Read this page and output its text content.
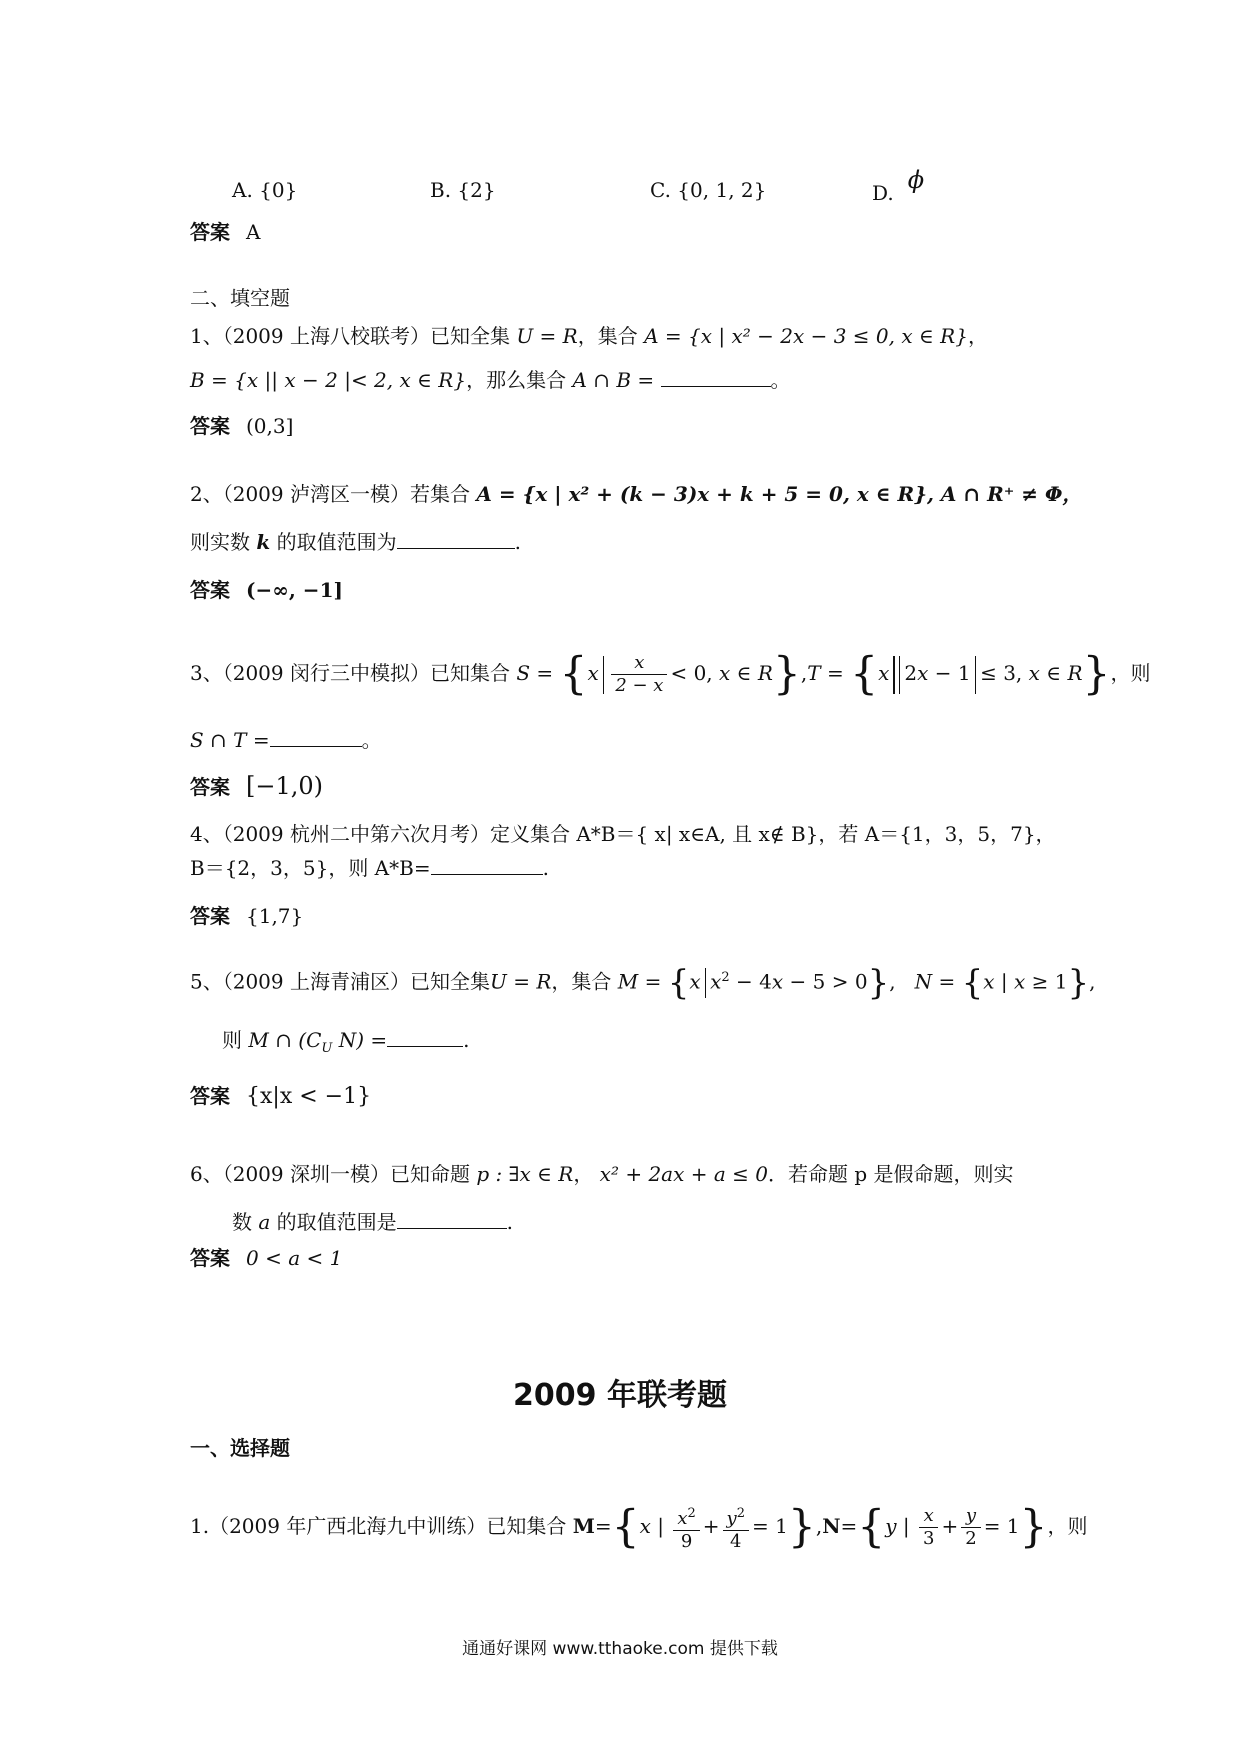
A. {0}	B. {2}	C. {0, 1, 2}	D. ϕ
答案 A
二、填空题
1、（2009 上海八校联考）已知全集 U = R，集合 A = {x | x² − 2x − 3 ≤ 0, x ∈ R}，
B = {x || x − 2 |< 2, x ∈ R}，那么集合 A ∩ B =	。
答案 (0,3]
2、（2009 泸湾区一模）若集合 A = {x | x² + (k − 3)x + k + 5 = 0, x ∈ R}, A ∩ R⁺ ≠ Φ，
则实数 k 的取值范围为	.
答案 (−∞, −1]
3、（2009 闵行三中模拟）已知集合 $S = \{x \frac{x}{2 - x} < 0$, x ∈ R},T = {x 2x − 1 ≤ 3, x ∈ R}，则
S ∩ T =	。
答案 [−1,0)
4、（2009 杭州二中第六次月考）定义集合 A*B＝{ x| x∈A, 且 x∉ B}，若 A＝{1，3，5，7}，
B＝{2，3，5}，则 A*B=	.
答案 {1,7}
5、（2009 上海青浦区）已知全集U = R，集合 M = {x $x^2 - 4x - 5 > 0$},   N = {x | x ≥ 1},
则 M ∩ ($C_U$ N) =	.
答案 {x|x < −1}
6、（2009 深圳一模）已知命题 p : ∃x ∈ R， x² + 2ax + a ≤ 0．若命题 p 是假命题，则实
数 a 的取值范围是	.
答案 0 < a < 1
2009 年联考题
一、选择题
1.（2009 年广西北海九中训练）已知集合 M={x | $\frac{x^2}{9} + \frac{y^2}{4} = 1\},N=\{y$ | $\frac{x}{3} + \frac{y}{2} = 1$}，则
通通好课网 www.tthaoke.com 提供下载
